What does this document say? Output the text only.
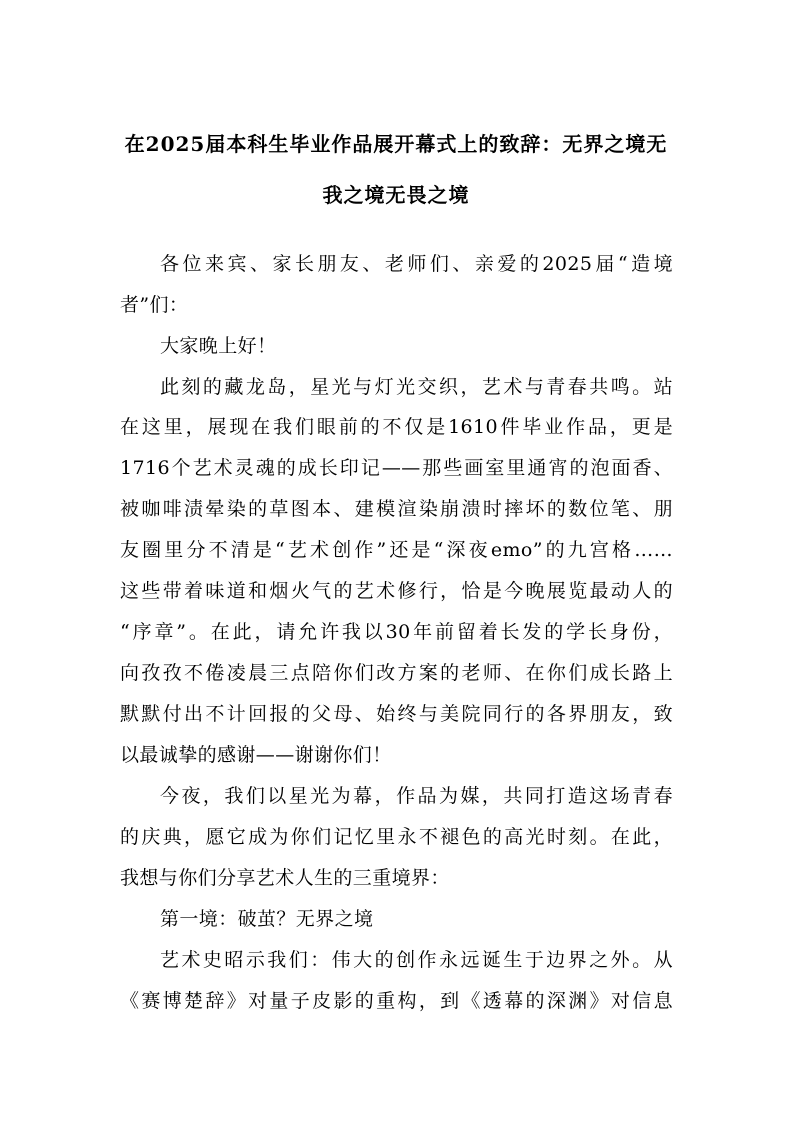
在2025届本科生毕业作品展开幕式上的致辞：无界之境无
我之境无畏之境
各位来宾、家长朋友、老师们、亲爱的2025届“造境
者”们：
大家晚上好！
此刻的藏龙岛，星光与灯光交织，艺术与青春共鸣。站
在这里，展现在我们眼前的不仅是1610件毕业作品，更是
1716个艺术灵魂的成长印记——那些画室里通宵的泡面香、
被咖啡渍晕染的草图本、建模渲染崩溃时摔坏的数位笔、朋
友圈里分不清是“艺术创作”还是“深夜emo”的九宫格……
这些带着味道和烟火气的艺术修行，恰是今晚展览最动人的
“序章”。在此，请允许我以30年前留着长发的学长身份，
向孜孜不倦凌晨三点陪你们改方案的老师、在你们成长路上
默默付出不计回报的父母、始终与美院同行的各界朋友，致
以最诚挚的感谢——谢谢你们！
今夜，我们以星光为幕，作品为媒，共同打造这场青春
的庆典，愿它成为你们记忆里永不褪色的高光时刻。在此，
我想与你们分享艺术人生的三重境界：
第一境：破茧？无界之境
艺术史昭示我们：伟大的创作永远诞生于边界之外。从
《赛博楚辞》对量子皮影的重构，到《透幕的深渊》对信息
